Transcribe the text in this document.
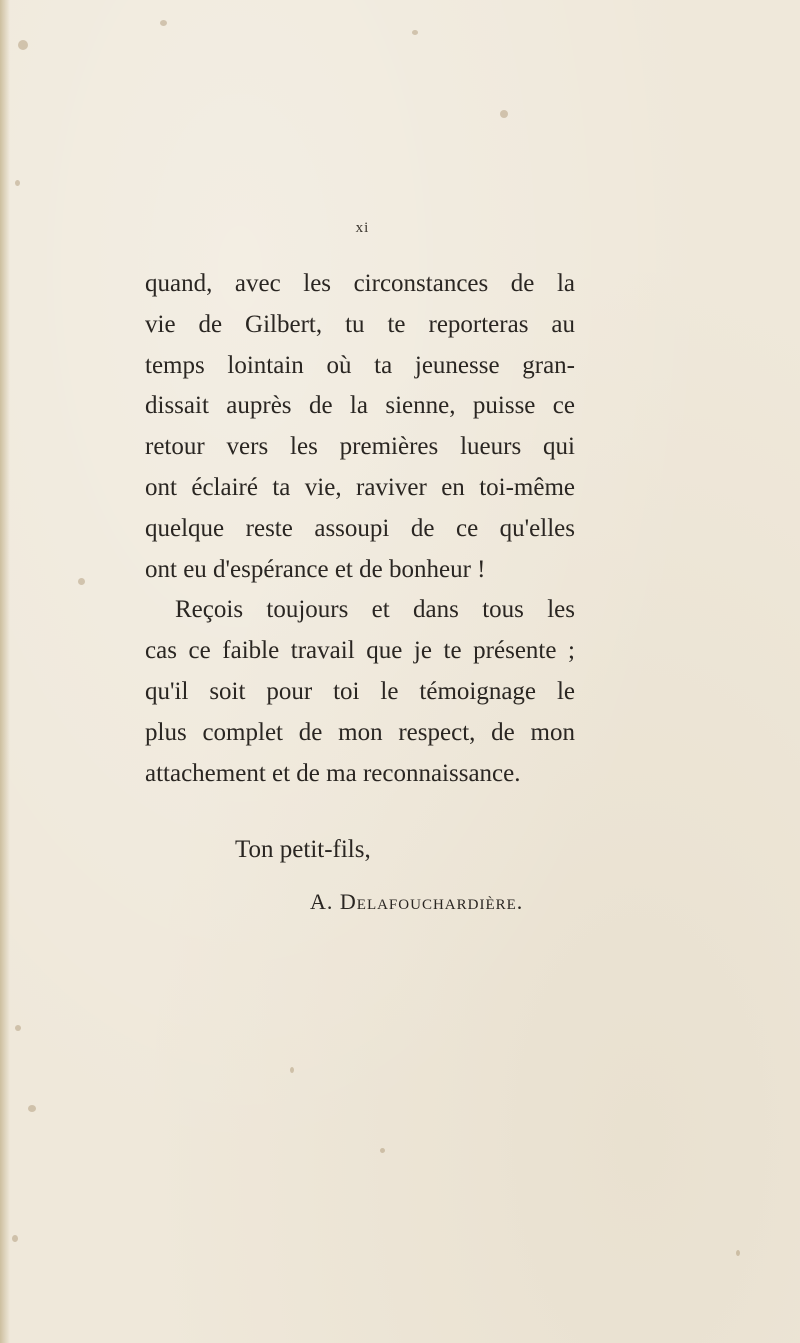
xi
quand, avec les circonstances de la
vie de Gilbert, tu te reporteras au
temps lointain où ta jeunesse gran-
dissait auprès de la sienne, puisse ce
retour vers les premières lueurs qui
ont éclairé ta vie, raviver en toi-même
quelque reste assoupi de ce qu'elles
ont eu d'espérance et de bonheur !
Reçois toujours et dans tous les
cas ce faible travail que je te présente ;
qu'il soit pour toi le témoignage le
plus complet de mon respect, de mon
attachement et de ma reconnaissance.
Ton petit-fils,
A. Delafouchardière.
